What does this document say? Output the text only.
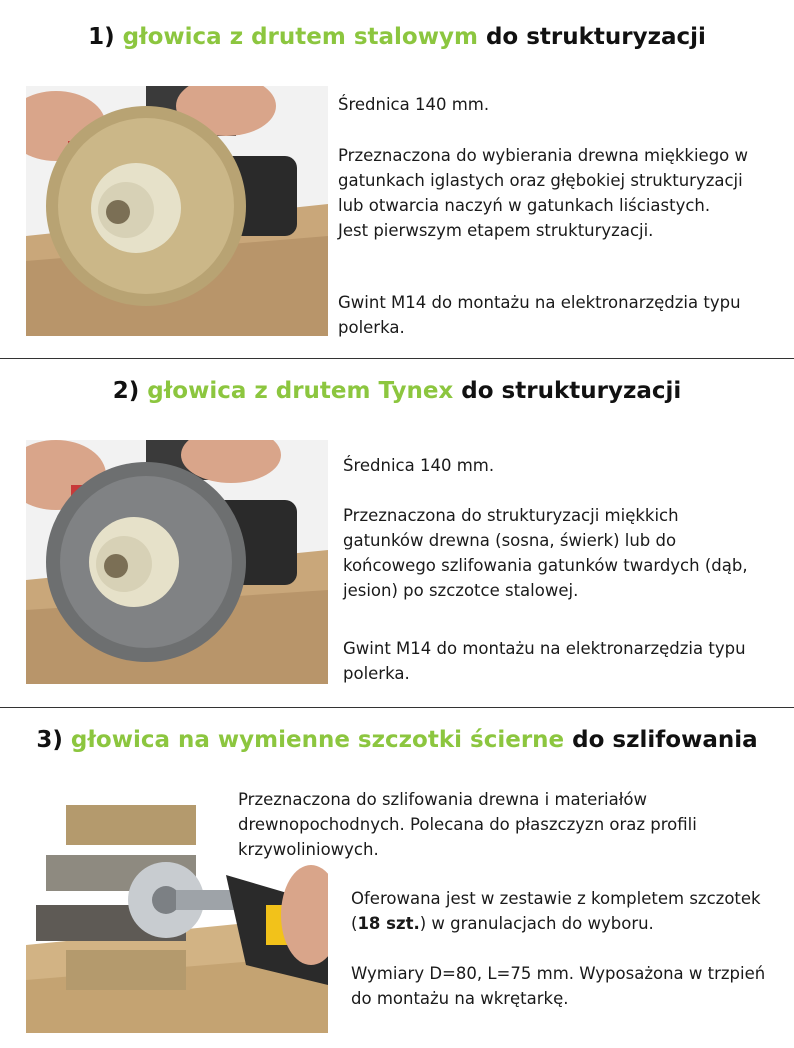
1) głowica z drutem stalowym do strukturyzacji

Średnica 140 mm.

Przeznaczona do wybierania drewna miękkiego w gatunkach iglastych oraz głębokiej strukturyzacji lub otwarcia naczyń w gatunkach liściastych.
Jest pierwszym etapem strukturyzacji.

Gwint M14 do montażu na elektronarzędzia typu polerka.

2) głowica z drutem Tynex do strukturyzacji

Średnica 140 mm.

Przeznaczona do strukturyzacji miękkich gatunków drewna (sosna, świerk) lub do końcowego szlifowania gatunków twardych (dąb, jesion) po szczotce stalowej.

Gwint M14 do montażu na elektronarzędzia typu polerka.

3) głowica na wymienne szczotki ścierne do szlifowania

Przeznaczona do szlifowania drewna i materiałów drewnopochodnych. Polecana do płaszczyzn oraz profili krzywoliniowych.

Oferowana jest w zestawie z kompletem szczotek (18 szt.) w granulacjach do wyboru.

Wymiary D=80, L=75 mm. Wyposażona w trzpień do montażu na wkrętarkę.
